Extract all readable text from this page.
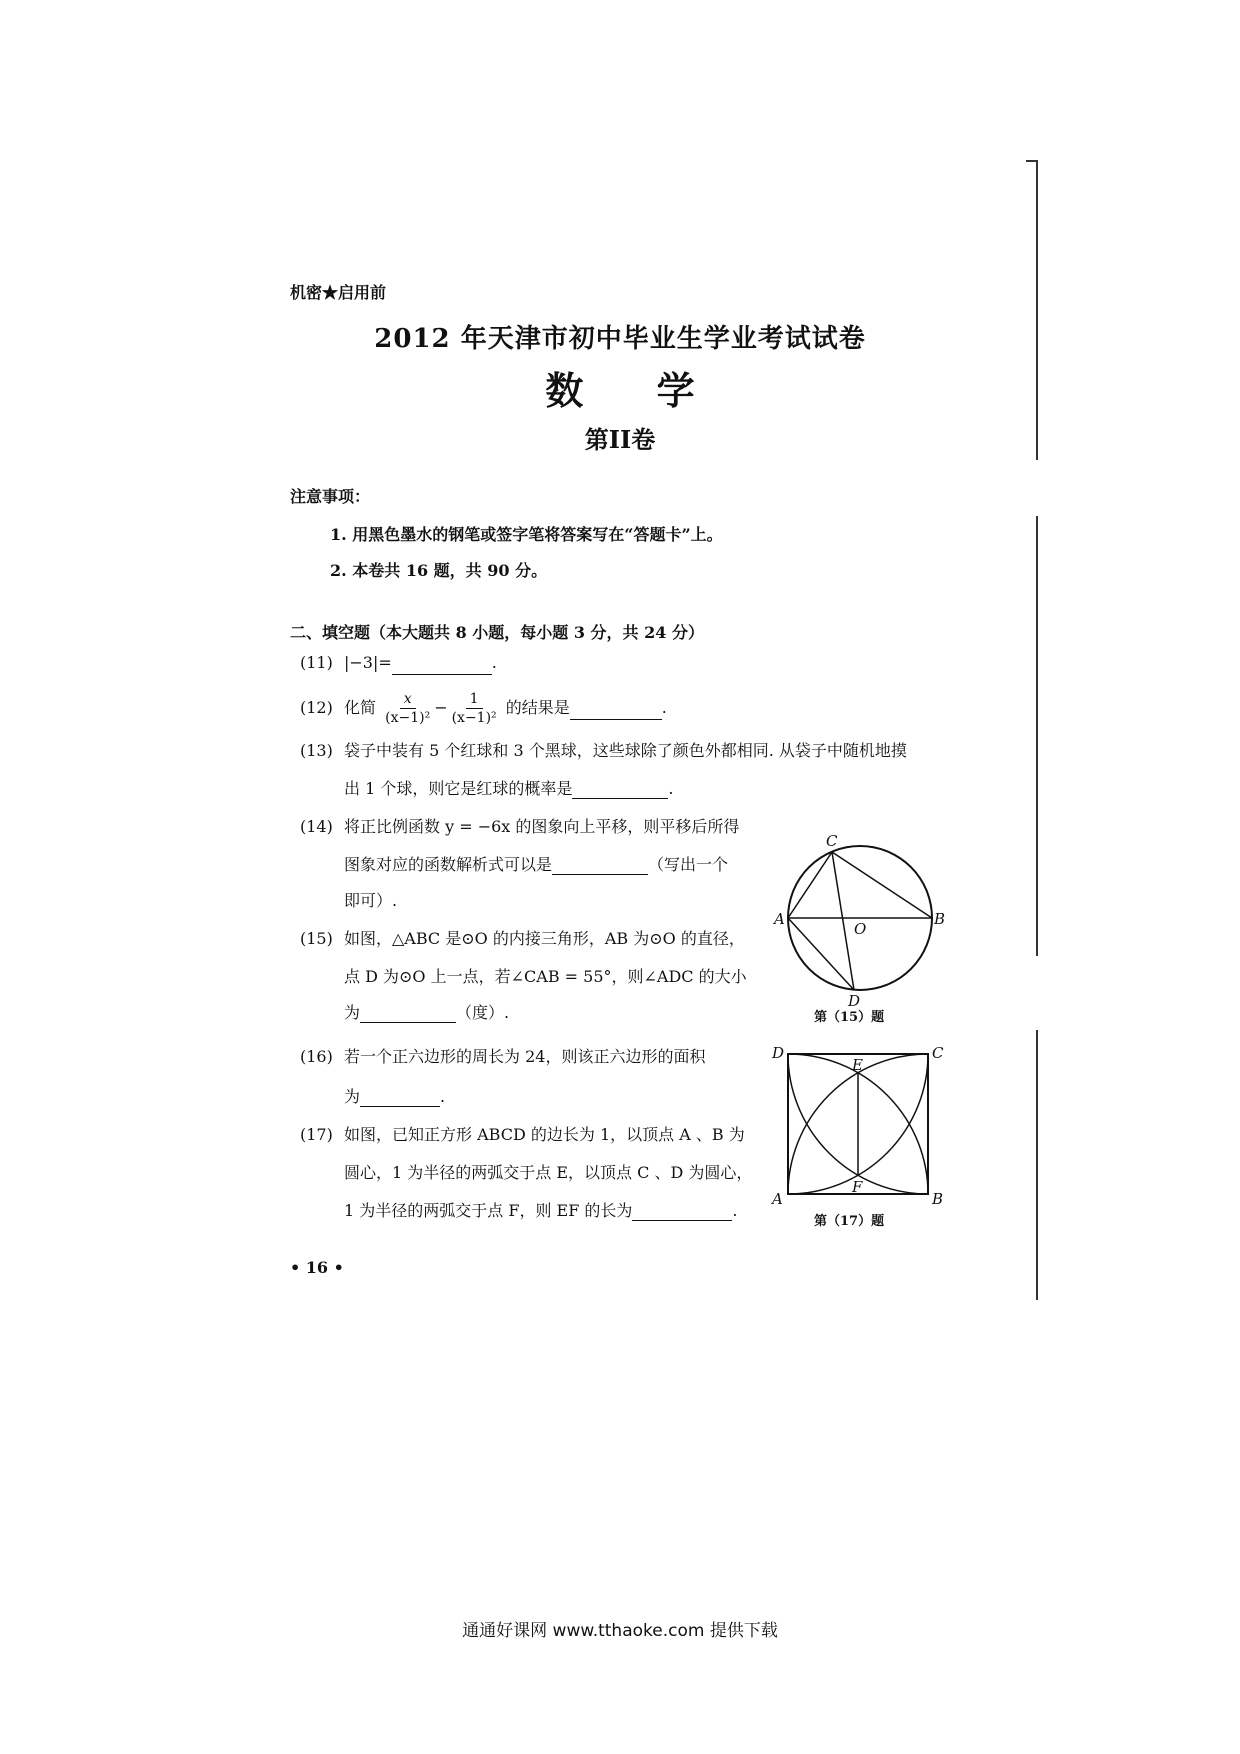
机密★启用前
2012 年天津市初中毕业生学业考试试卷
数 学
第II卷
注意事项：
1. 用黑色墨水的钢笔或签字笔将答案写在“答题卡”上。
2. 本卷共 16 题，共 90 分。
二、填空题（本大题共 8 小题，每小题 3 分，共 24 分）
(11) |−3|=	.
(12) 化简 $\frac{x}{\text{(x−1)²}} - \frac{1}{\text{(x−1)²}}$ 的结果是	.
(13) 袋子中装有 5 个红球和 3 个黑球，这些球除了颜色外都相同. 从袋子中随机地摸
出 1 个球，则它是红球的概率是	.
(14) 将正比例函数 y = −6x 的图象向上平移，则平移后所得
图象对应的函数解析式可以是	（写出一个
即可）.
(15) 如图，△ABC 是⊙O 的内接三角形，AB 为⊙O 的直径，
点 D 为⊙O 上一点，若∠CAB = 55°，则∠ADC 的大小
为	（度）.
(16) 若一个正六边形的周长为 24，则该正六边形的面积
为	.
(17) 如图，已知正方形 ABCD 的边长为 1，以顶点 A 、B 为
圆心，1 为半径的两弧交于点 E，以顶点 C 、D 为圆心，
1 为半径的两弧交于点 F，则 EF 的长为	.
A	B
C
D
O
第（15）题
D	C
A	B
E
F
第（17）题
• 16 •
通通好课网 www.tthaoke.com 提供下载
